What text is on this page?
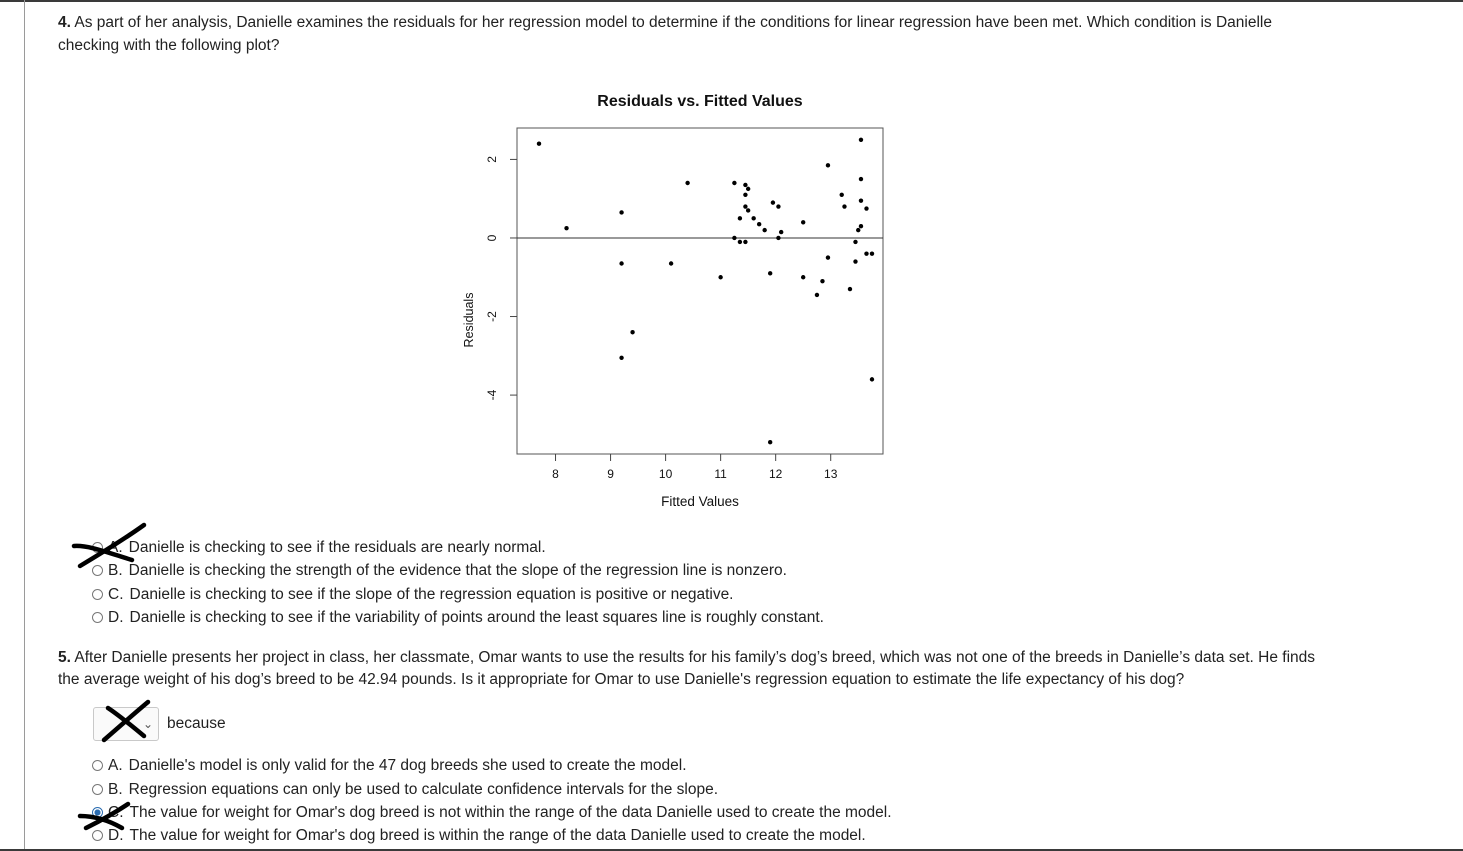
4. As part of her analysis, Danielle examines the residuals for her regression model to determine if the conditions for linear regression have been met. Which condition is Danielle checking with the following plot?
Residuals vs. Fitted Values
2
0
-2
-4
8	9	10	11	12	13
Fitted Values
Residuals
A. Danielle is checking to see if the residuals are nearly normal.
B. Danielle is checking the strength of the evidence that the slope of the regression line is nonzero.
C. Danielle is checking to see if the slope of the regression equation is positive or negative.
D. Danielle is checking to see if the variability of points around the least squares line is roughly constant.
5. After Danielle presents her project in class, her classmate, Omar wants to use the results for his family’s dog’s breed, which was not one of the breeds in Danielle’s data set. He finds the average weight of his dog’s breed to be 42.94 pounds. Is it appropriate for Omar to use Danielle's regression equation to estimate the life expectancy of his dog?
⌄ because
A. Danielle's model is only valid for the 47 dog breeds she used to create the model.
B. Regression equations can only be used to calculate confidence intervals for the slope.
C. The value for weight for Omar's dog breed is not within the range of the data Danielle used to create the model.
D. The value for weight for Omar's dog breed is within the range of the data Danielle used to create the model.
